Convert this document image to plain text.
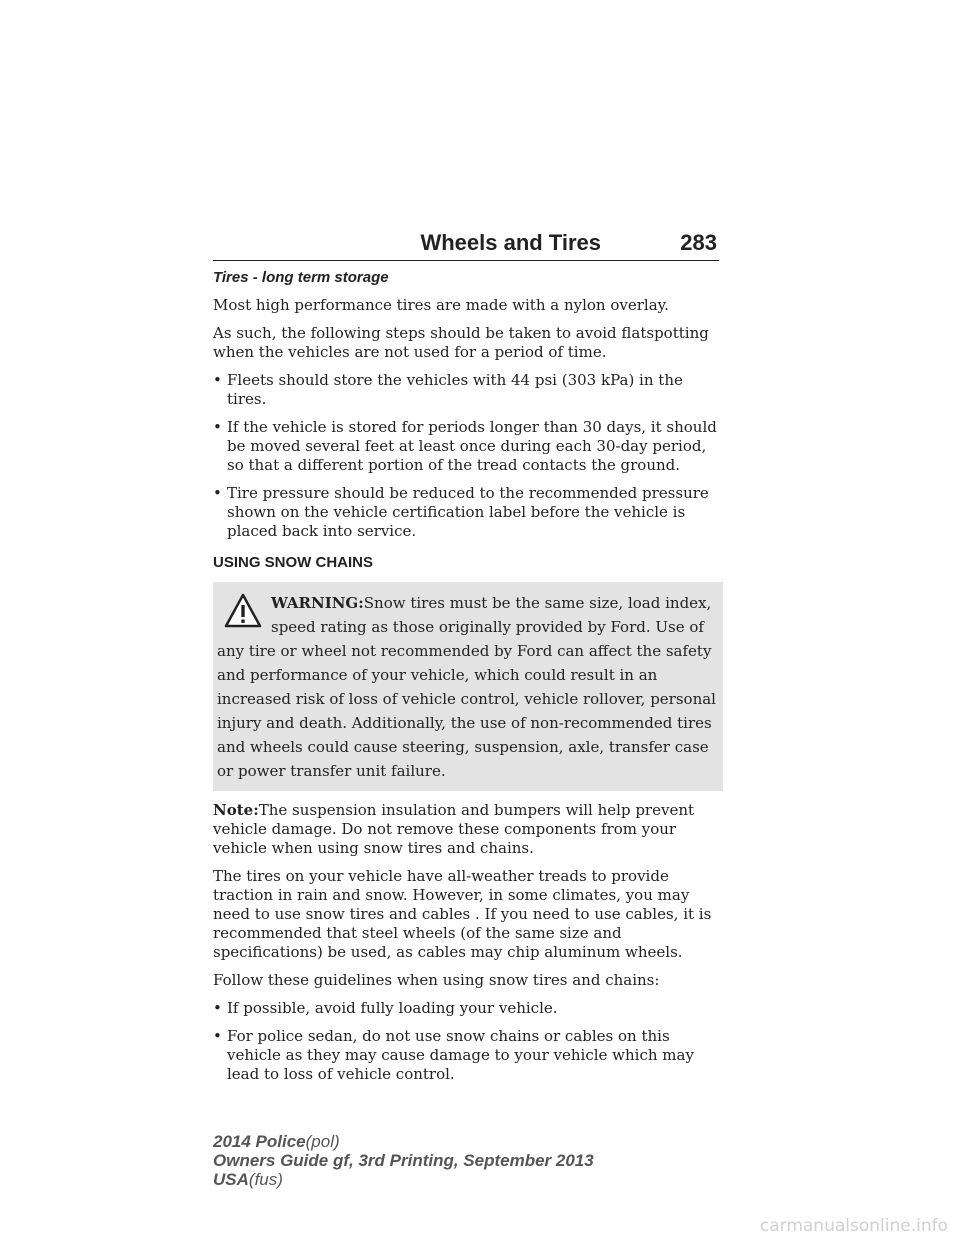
Wheels and Tires	283
Tires - long term storage

Most high performance tires are made with a nylon overlay.

As such, the following steps should be taken to avoid flatspotting when the vehicles are not used for a period of time.

• Fleets should store the vehicles with 44 psi (303 kPa) in the tires.
• If the vehicle is stored for periods longer than 30 days, it should be moved several feet at least once during each 30-day period, so that a different portion of the tread contacts the ground.
• Tire pressure should be reduced to the recommended pressure shown on the vehicle certification label before the vehicle is placed back into service.
USING SNOW CHAINS
WARNING:Snow tires must be the same size, load index, speed rating as those originally provided by Ford. Use of any tire or wheel not recommended by Ford can affect the safety and performance of your vehicle, which could result in an increased risk of loss of vehicle control, vehicle rollover, personal injury and death. Additionally, the use of non-recommended tires and wheels could cause steering, suspension, axle, transfer case or power transfer unit failure.

Note:The suspension insulation and bumpers will help prevent vehicle damage. Do not remove these components from your vehicle when using snow tires and chains.

The tires on your vehicle have all-weather treads to provide traction in rain and snow. However, in some climates, you may need to use snow tires and cables . If you need to use cables, it is recommended that steel wheels (of the same size and specifications) be used, as cables may chip aluminum wheels.

Follow these guidelines when using snow tires and chains:

• If possible, avoid fully loading your vehicle.
• For police sedan, do not use snow chains or cables on this vehicle as they may cause damage to your vehicle which may lead to loss of vehicle control.
2014 Police(pol)
Owners Guide gf, 3rd Printing, September 2013
USA(fus)
carmanualsonline.info
